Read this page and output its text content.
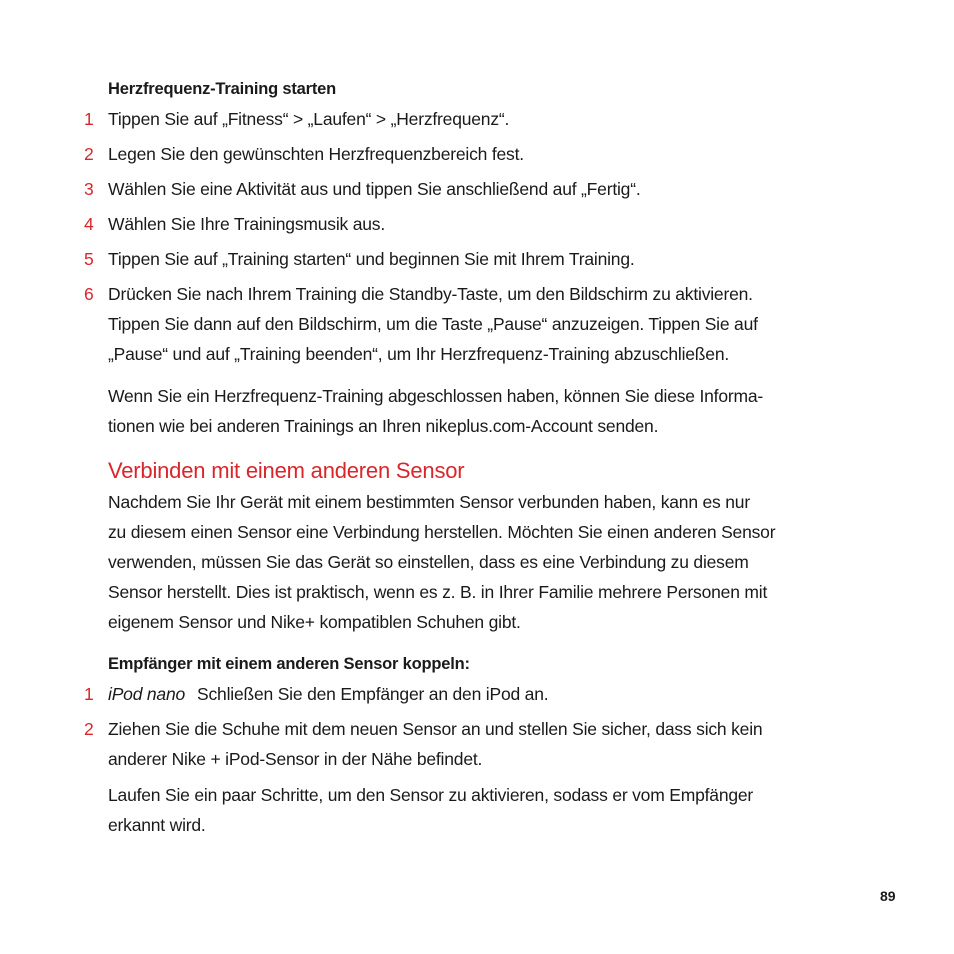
Herzfrequenz-Training starten
1 Tippen Sie auf „Fitness“ > „Laufen“ > „Herzfrequenz“.
2 Legen Sie den gewünschten Herzfrequenzbereich fest.
3 Wählen Sie eine Aktivität aus und tippen Sie anschließend auf „Fertig“.
4 Wählen Sie Ihre Trainingsmusik aus.
5 Tippen Sie auf „Training starten“ und beginnen Sie mit Ihrem Training.
6 Drücken Sie nach Ihrem Training die Standby-Taste, um den Bildschirm zu aktivieren.
Tippen Sie dann auf den Bildschirm, um die Taste „Pause“ anzuzeigen. Tippen Sie auf
„Pause“ und auf „Training beenden“, um Ihr Herzfrequenz-Training abzuschließen.
Wenn Sie ein Herzfrequenz-Training abgeschlossen haben, können Sie diese Informa-
tionen wie bei anderen Trainings an Ihren nikeplus.com-Account senden.
Verbinden mit einem anderen Sensor
Nachdem Sie Ihr Gerät mit einem bestimmten Sensor verbunden haben, kann es nur
zu diesem einen Sensor eine Verbindung herstellen. Möchten Sie einen anderen Sensor
verwenden, müssen Sie das Gerät so einstellen, dass es eine Verbindung zu diesem
Sensor herstellt. Dies ist praktisch, wenn es z. B. in Ihrer Familie mehrere Personen mit
eigenem Sensor und Nike+ kompatiblen Schuhen gibt.
Empfänger mit einem anderen Sensor koppeln:
1 iPod nano Schließen Sie den Empfänger an den iPod an.
2 Ziehen Sie die Schuhe mit dem neuen Sensor an und stellen Sie sicher, dass sich kein
anderer Nike + iPod-Sensor in der Nähe befindet.
Laufen Sie ein paar Schritte, um den Sensor zu aktivieren, sodass er vom Empfänger
erkannt wird.
89
